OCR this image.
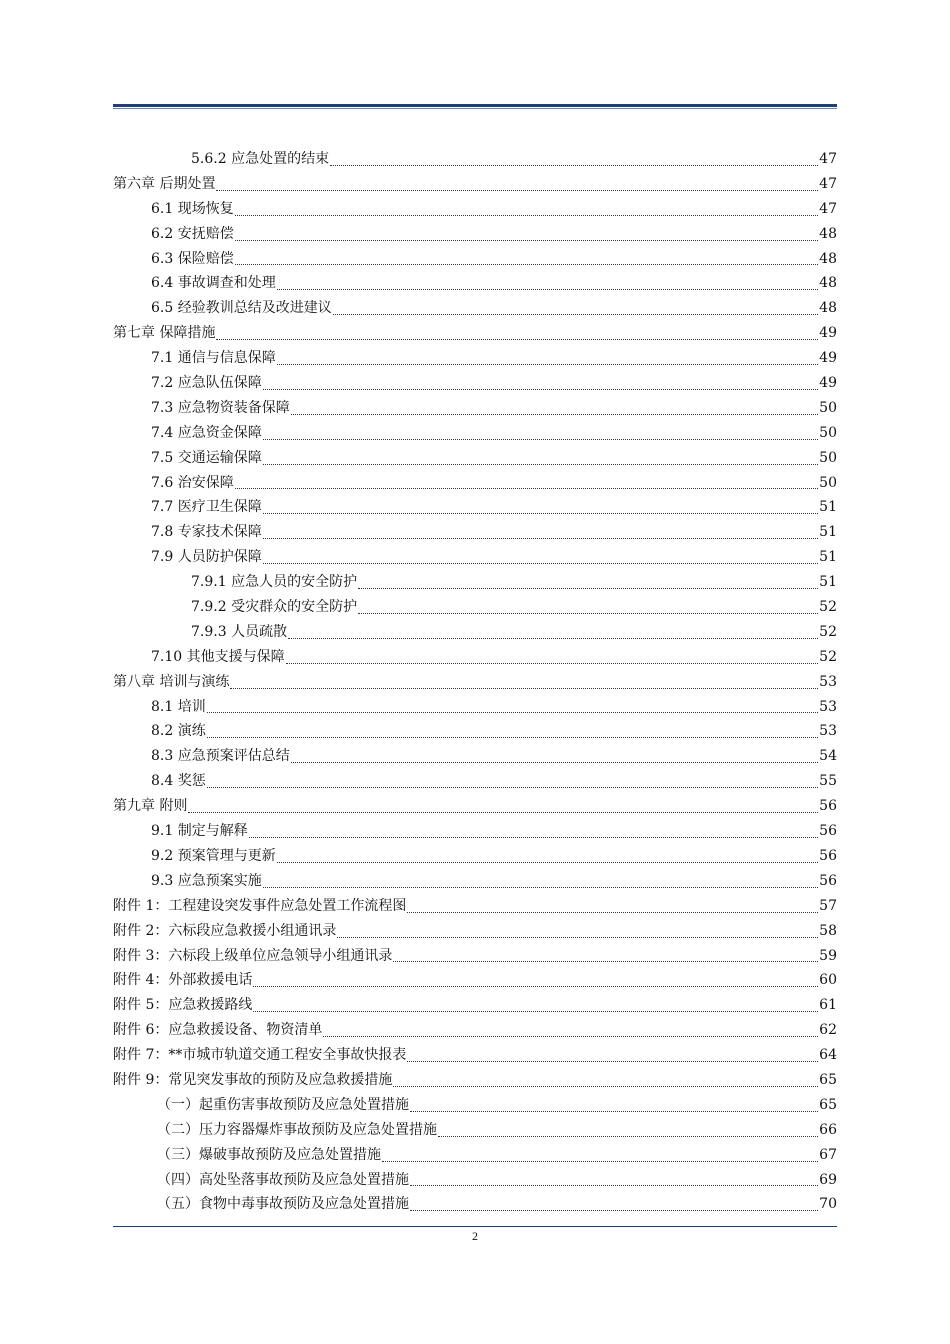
5.6.2 应急处置的结束	47
第六章 后期处置	47
6.1 现场恢复	47
6.2 安抚赔偿	48
6.3 保险赔偿	48
6.4 事故调查和处理	48
6.5 经验教训总结及改进建议	48
第七章 保障措施	49
7.1 通信与信息保障	49
7.2 应急队伍保障	49
7.3 应急物资装备保障	50
7.4 应急资金保障	50
7.5 交通运输保障	50
7.6 治安保障	50
7.7 医疗卫生保障	51
7.8 专家技术保障	51
7.9 人员防护保障	51
7.9.1 应急人员的安全防护	51
7.9.2 受灾群众的安全防护	52
7.9.3 人员疏散	52
7.10 其他支援与保障	52
第八章 培训与演练	53
8.1 培训	53
8.2 演练	53
8.3 应急预案评估总结	54
8.4 奖惩	55
第九章 附则	56
9.1 制定与解释	56
9.2 预案管理与更新	56
9.3 应急预案实施	56
附件 1：工程建设突发事件应急处置工作流程图	57
附件 2：六标段应急救援小组通讯录	58
附件 3：六标段上级单位应急领导小组通讯录	59
附件 4：外部救援电话	60
附件 5：应急救援路线	61
附件 6：应急救援设备、物资清单	62
附件 7：**市城市轨道交通工程安全事故快报表	64
附件 9：常见突发事故的预防及应急救援措施	65
（一）起重伤害事故预防及应急处置措施	65
（二）压力容器爆炸事故预防及应急处置措施	66
（三）爆破事故预防及应急处置措施	67
（四）高处坠落事故预防及应急处置措施	69
（五）食物中毒事故预防及应急处置措施	70
2
